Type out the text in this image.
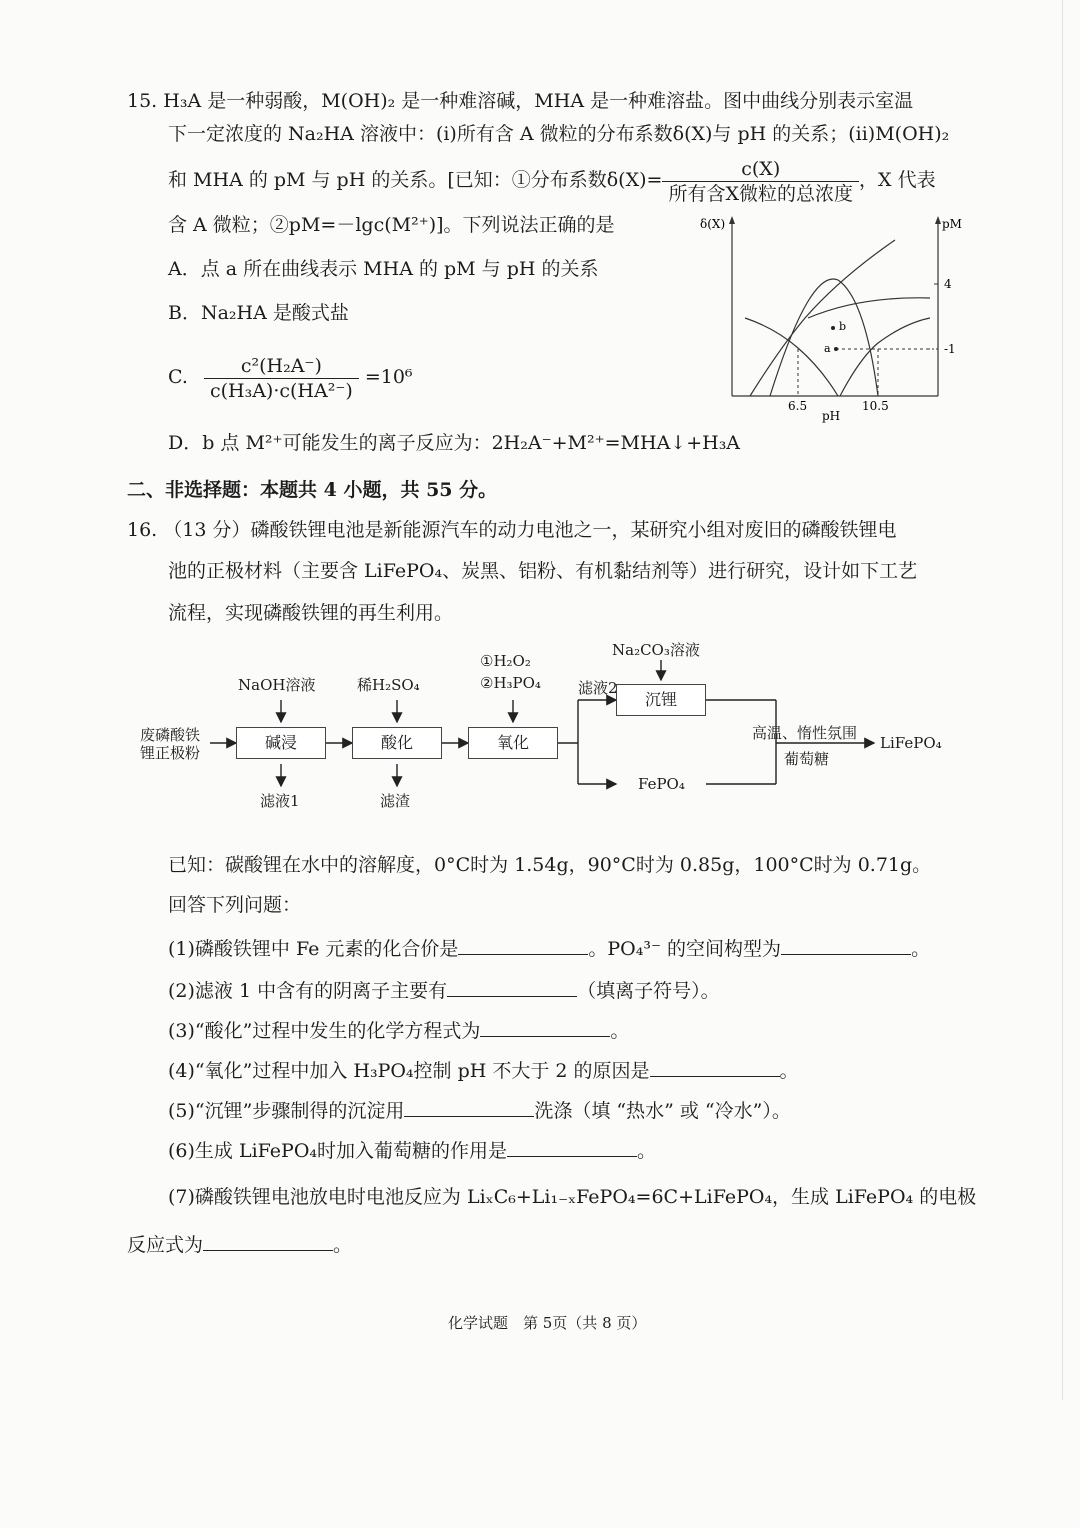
15. H₃A 是一种弱酸，M(OH)₂ 是一种难溶碱，MHA 是一种难溶盐。图中曲线分别表示室温
下一定浓度的 Na₂HA 溶液中：(i)所有含 A 微粒的分布系数δ(X)与 pH 的关系；(ii)M(OH)₂
和 MHA 的 pM 与 pH 的关系。[已知：①分布系数$\delta(X)= \frac{c(X)}{\text{所有含X微粒的总浓度}}$ ，X 代表
含 A 微粒；②pM=－lgc(M²⁺)]。下列说法正确的是
A．点 a 所在曲线表示 MHA 的 pM 与 pH 的关系
B．Na₂HA 是酸式盐
C. $\frac{\text{c²(H₂A⁻)}}{\text{c(H₃A)·c(HA²⁻)}} =10^6$
D．b 点 M²⁺可能发生的离子反应为：2H₂A⁻+M²⁺=MHA↓+H₃A
δ(X)	pM
4
-1
a
b
6.5	10.5
pH
二、非选择题：本题共 4 小题，共 55 分。
16. （13 分）磷酸铁锂电池是新能源汽车的动力电池之一，某研究小组对废旧的磷酸铁锂电
池的正极材料（主要含 LiFePO₄、炭黑、铝粉、有机黏结剂等）进行研究，设计如下工艺
流程，实现磷酸铁锂的再生利用。
废磷酸铁
锂正极粉
碱浸	酸化	氧化
沉锂
NaOH溶液	稀H₂SO₄
①H₂O₂
②H₃PO₄
Na₂CO₃溶液
滤液1	滤渣
滤液2
FePO₄
高温、惰性氛围
葡萄糖
LiFePO₄
已知：碳酸锂在水中的溶解度，0°C时为 1.54g，90°C时为 0.85g，100°C时为 0.71g。
回答下列问题：
(1)磷酸铁锂中 Fe 元素的化合价是	。PO₄³⁻ 的空间构型为	。
(2)滤液 1 中含有的阴离子主要有	（填离子符号）。
(3)“酸化”过程中发生的化学方程式为	。
(4)“氧化”过程中加入 H₃PO₄控制 pH 不大于 2 的原因是	。
(5)“沉锂”步骤制得的沉淀用	洗涤（填 “热水” 或 “冷水”）。
(6)生成 LiFePO₄时加入葡萄糖的作用是	。
(7)磷酸铁锂电池放电时电池反应为 LiₓC₆+Li₁₋ₓFePO₄=6C+LiFePO₄，生成 LiFePO₄ 的电极
反应式为	。
化学试题　第 5页（共 8 页）
